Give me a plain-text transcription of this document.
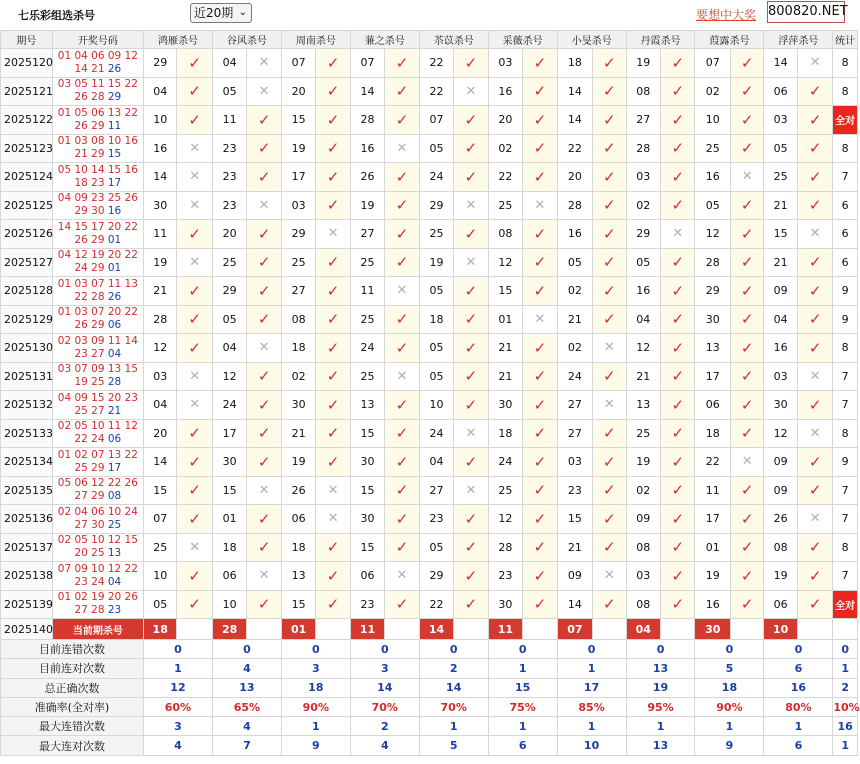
七乐彩组选杀号	近20期 ⌄	要想中大奖 800820.NET
期号	开奖号码	鸿雁杀号		谷风杀号		周南杀号		蒹之杀号		苶苡杀号		采薇杀号		小旻杀号		丹霞杀号		葭露杀号		浮萍杀号		统计
2025120	01 04 06 09 12
14 21 26	29	✓	04	✕	07	✓	07	✓	22	✓	03	✓	18	✓	19	✓	07	✓	14	✕	8
2025121	03 05 11 15 22
26 28 29	04	✓	05	✕	20	✓	14	✓	22	✕	16	✓	14	✓	08	✓	02	✓	06	✓	8
2025122	01 05 06 13 22
26 29 11	10	✓	11	✓	15	✓	28	✓	07	✓	20	✓	14	✓	27	✓	10	✓	03	✓	全对
2025123	01 03 08 10 16
21 29 15	16	✕	23	✓	19	✓	16	✕	05	✓	02	✓	22	✓	28	✓	25	✓	05	✓	8
2025124	05 10 14 15 16
18 23 17	14	✕	23	✓	17	✓	26	✓	24	✓	22	✓	20	✓	03	✓	16	✕	25	✓	7
2025125	04 09 23 25 26
29 30 16	30	✕	23	✕	03	✓	19	✓	29	✕	25	✕	28	✓	02	✓	05	✓	21	✓	6
2025126	14 15 17 20 22
26 29 01	11	✓	20	✓	29	✕	27	✓	25	✓	08	✓	16	✓	29	✕	12	✓	15	✕	6
2025127	04 12 19 20 22
24 29 01	19	✕	25	✓	25	✓	25	✓	19	✕	12	✓	05	✓	05	✓	28	✓	21	✓	6
2025128	01 03 07 11 13
22 28 26	21	✓	29	✓	27	✓	11	✕	05	✓	15	✓	02	✓	16	✓	29	✓	09	✓	9
2025129	01 03 07 20 22
26 29 06	28	✓	05	✓	08	✓	25	✓	18	✓	01	✕	21	✓	04	✓	30	✓	04	✓	9
2025130	02 03 09 11 14
23 27 04	12	✓	04	✕	18	✓	24	✓	05	✓	21	✓	02	✕	12	✓	13	✓	16	✓	8
2025131	03 07 09 13 15
19 25 28	03	✕	12	✓	02	✓	25	✕	05	✓	21	✓	24	✓	21	✓	17	✓	03	✕	7
2025132	04 09 15 20 23
25 27 21	04	✕	24	✓	30	✓	13	✓	10	✓	30	✓	27	✕	13	✓	06	✓	30	✓	7
2025133	02 05 10 11 12
22 24 06	20	✓	17	✓	21	✓	15	✓	24	✕	18	✓	27	✓	25	✓	18	✓	12	✕	8
2025134	01 02 07 13 22
25 29 17	14	✓	30	✓	19	✓	30	✓	04	✓	24	✓	03	✓	19	✓	22	✕	09	✓	9
2025135	05 06 12 22 26
27 29 08	15	✓	15	✕	26	✕	15	✓	27	✕	25	✓	23	✓	02	✓	11	✓	09	✓	7
2025136	02 04 06 10 24
27 30 25	07	✓	01	✓	06	✕	30	✓	23	✓	12	✓	15	✓	09	✓	17	✓	26	✕	7
2025137	02 05 10 12 15
20 25 13	25	✕	18	✓	18	✓	15	✓	05	✓	28	✓	21	✓	08	✓	01	✓	08	✓	8
2025138	07 09 10 12 22
23 24 04	10	✓	06	✕	13	✓	06	✕	29	✓	23	✓	09	✕	03	✓	19	✓	19	✓	7
2025139	01 02 19 20 26
27 28 23	05	✓	10	✓	15	✓	23	✓	22	✓	30	✓	14	✓	08	✓	16	✓	06	✓	全对
2025140	当前期杀号	18		28		01		11		14		11		07		04		30		10		
目前连错次数		0		0		0		0		0		0		0		0		0		0		0
目前连对次数		1		4		3		3		2		1		1		13		5		6		1
总正确次数		12		13		18		14		14		15		17		19		18		16		2
准确率(全对率)		60%		65%		90%		70%		70%		75%		85%		95%		90%		80%		10%
最大连错次数		3		4		1		2		1		1		1		1		1		1		16
最大连对次数		4		7		9		4		5		6		10		13		9		6		1
